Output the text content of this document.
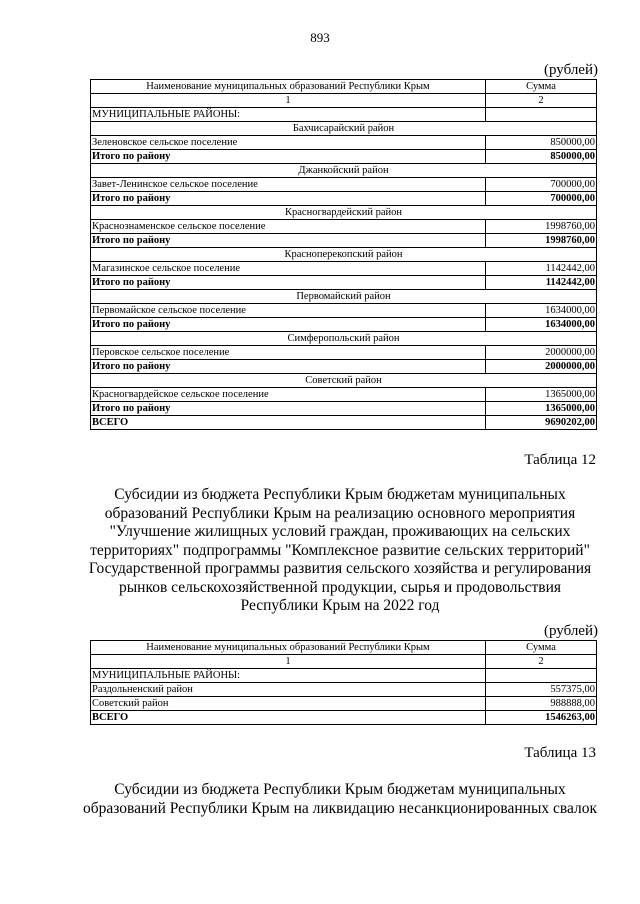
893
(рублей)
Наименование муниципальных образований Республики Крым	Сумма
1	2
МУНИЦИПАЛЬНЫЕ РАЙОНЫ:	
Бахчисарайский район	
Зеленовское сельское поселение	850000,00
Итого по району	850000,00
Джанкойский район	
Завет-Ленинское сельское поселение	700000,00
Итого по району	700000,00
Красногвардейский район	
Краснознаменское сельское поселение	1998760,00
Итого по району	1998760,00
Красноперекопский район	
Магазинское сельское поселение	1142442,00
Итого по району	1142442,00
Первомайский район	
Первомайское сельское поселение	1634000,00
Итого по району	1634000,00
Симферопольский район	
Перовское сельское поселение	2000000,00
Итого по району	2000000,00
Советский район	
Красногвардейское сельское поселение	1365000,00
Итого по району	1365000,00
ВСЕГО	9690202,00
Таблица 12
Субсидии из бюджета Республики Крым бюджетам муниципальных
образований Республики Крым на реализацию основного мероприятия
"Улучшение жилищных условий граждан, проживающих на сельских
территориях" подпрограммы "Комплексное развитие сельских территорий"
Государственной программы развития сельского хозяйства и регулирования
рынков сельскохозяйственной продукции, сырья и продовольствия
Республики Крым на 2022 год
(рублей)
Наименование муниципальных образований Республики Крым	Сумма
1	2
МУНИЦИПАЛЬНЫЕ РАЙОНЫ:	
Раздольненский район	557375,00
Советский район	988888,00
ВСЕГО	1546263,00
Таблица 13
Субсидии из бюджета Республики Крым бюджетам муниципальных
образований Республики Крым на ликвидацию несанкционированных свалок
